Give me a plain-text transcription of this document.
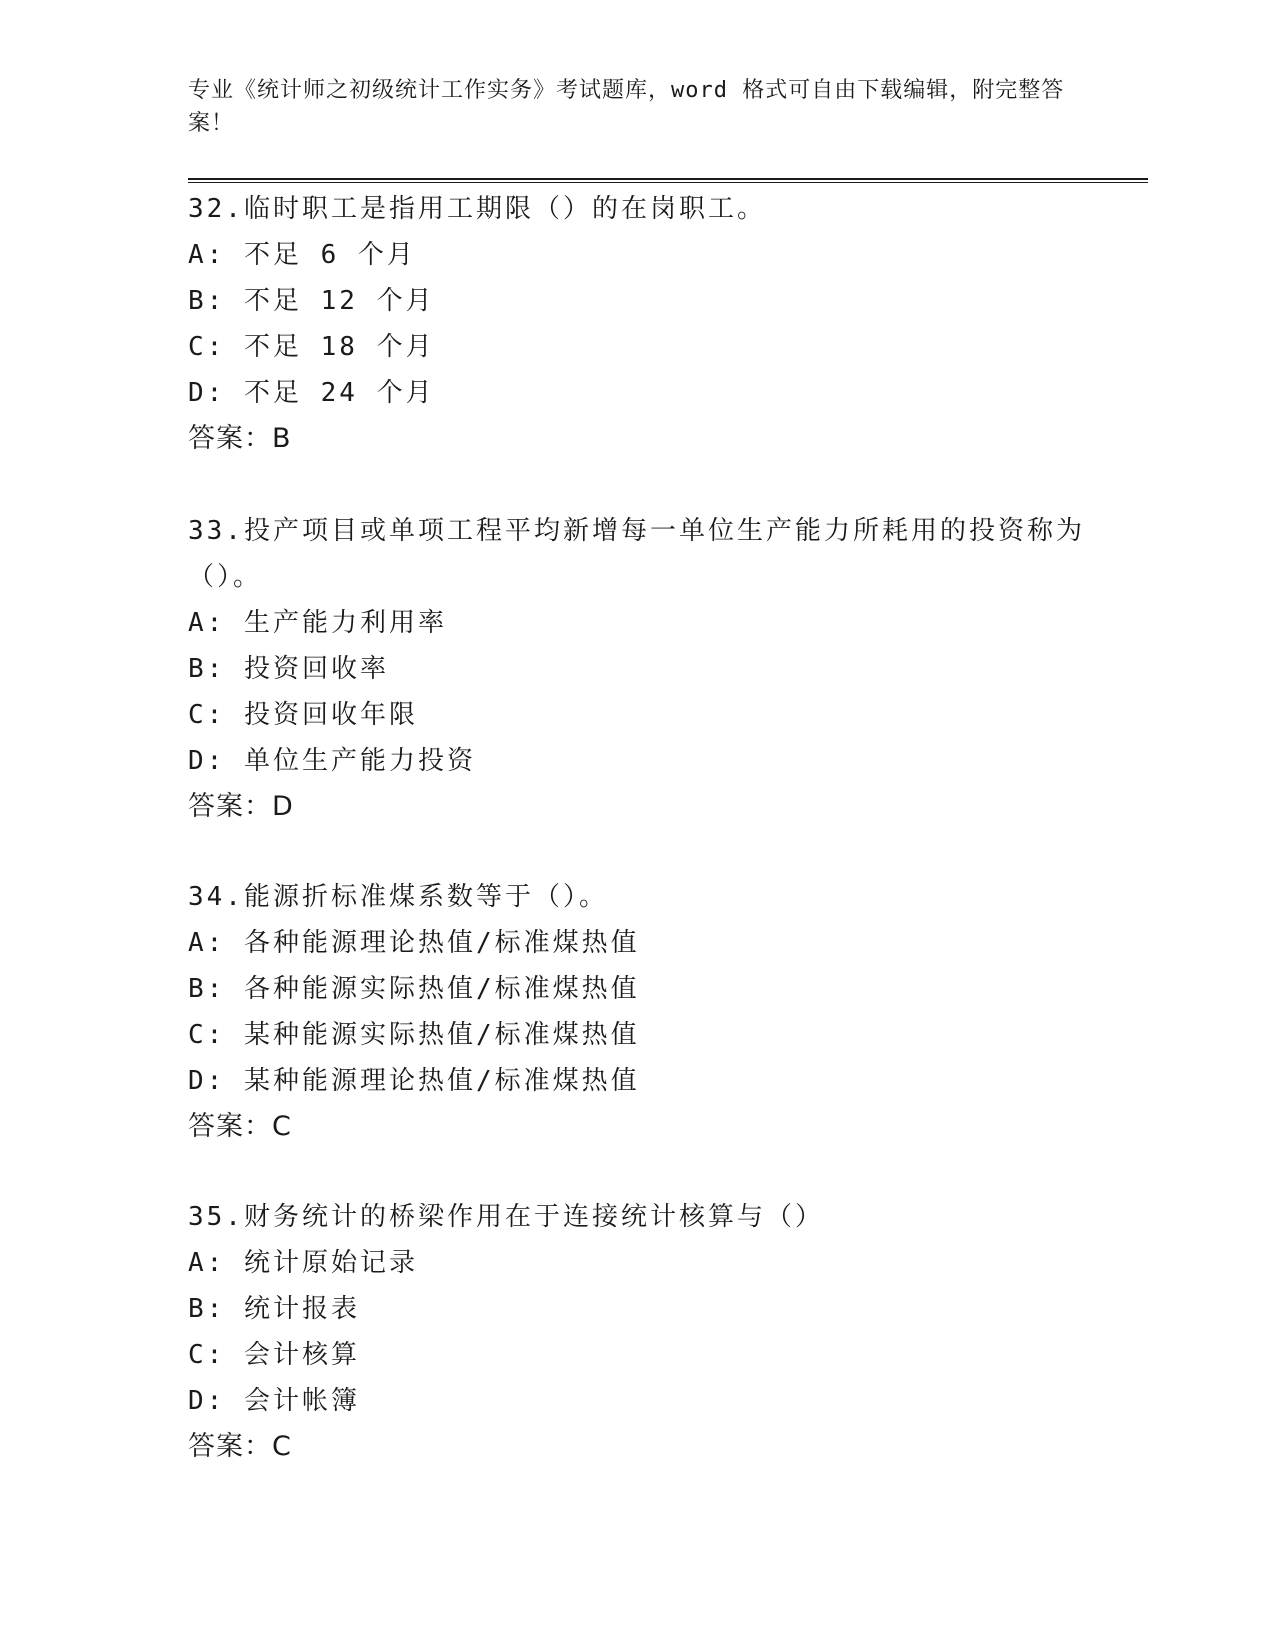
专业《统计师之初级统计工作实务》考试题库，word 格式可自由下载编辑，附完整答案！
32.临时职工是指用工期限（）的在岗职工。
A: 不足 6 个月
B: 不足 12 个月
C: 不足 18 个月
D: 不足 24 个月
答案：B
33.投产项目或单项工程平均新增每一单位生产能力所耗用的投资称为（）。
A: 生产能力利用率
B: 投资回收率
C: 投资回收年限
D: 单位生产能力投资
答案：D
34.能源折标准煤系数等于（）。
A: 各种能源理论热值/标准煤热值
B: 各种能源实际热值/标准煤热值
C: 某种能源实际热值/标准煤热值
D: 某种能源理论热值/标准煤热值
答案：C
35.财务统计的桥梁作用在于连接统计核算与（）
A: 统计原始记录
B: 统计报表
C: 会计核算
D: 会计帐簿
答案：C
